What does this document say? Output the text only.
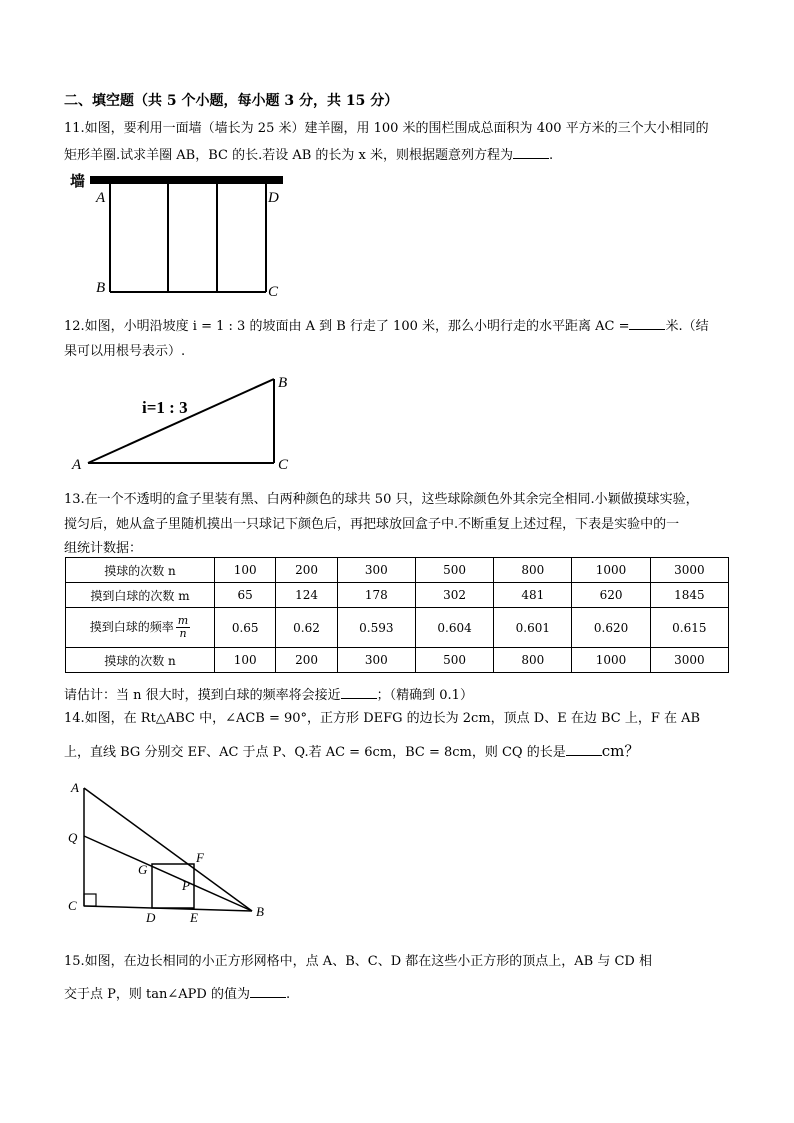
二、填空题（共 5 个小题，每小题 3 分，共 15 分）
11.如图，要利用一面墙（墙长为 25 米）建羊圈，用 100 米的围栏围成总面积为 400 平方米的三个大小相同的
矩形羊圈.试求羊圈 AB，BC 的长.若设 AB 的长为 x 米，则根据题意列方程为	.
墙
A
B
D
C
12.如图，小明沿坡度 i = 1 : 3 的坡面由 A 到 B 行走了 100 米，那么小明行走的水平距离 AC =	米.（结
果可以用根号表示）.
i=1 : 3
A
B
C
13.在一个不透明的盒子里装有黑、白两种颜色的球共 50 只，这些球除颜色外其余完全相同.小颖做摸球实验，
搅匀后，她从盒子里随机摸出一只球记下颜色后，再把球放回盒子中.不断重复上述过程，下表是实验中的一
组统计数据：
摸球的次数 n	100	200	300	500	800	1000	3000
摸到白球的次数 m	65	124	178	302	481	620	1845
摸到白球的频率 $\frac{m}{n}$	0.65	0.62	0.593	0.604	0.601	0.620	0.615
摸球的次数 n	100	200	300	500	800	1000	3000
请估计：当 n 很大时，摸到白球的频率将会接近	；（精确到 0.1）
14.如图，在 Rt△ABC 中，∠ACB = 90°，正方形 DEFG 的边长为 2cm，顶点 D、E 在边 BC 上，F 在 AB
上，直线 BG 分别交 EF、AC 于点 P、Q.若 AC = 6cm，BC = 8cm，则 CQ 的长是 cm？
A
Q
G
F
P
C
D	E	B
15.如图，在边长相同的小正方形网格中，点 A、B、C、D 都在这些小正方形的顶点上，AB 与 CD 相
交于点 P，则 tan∠APD 的值为	.
